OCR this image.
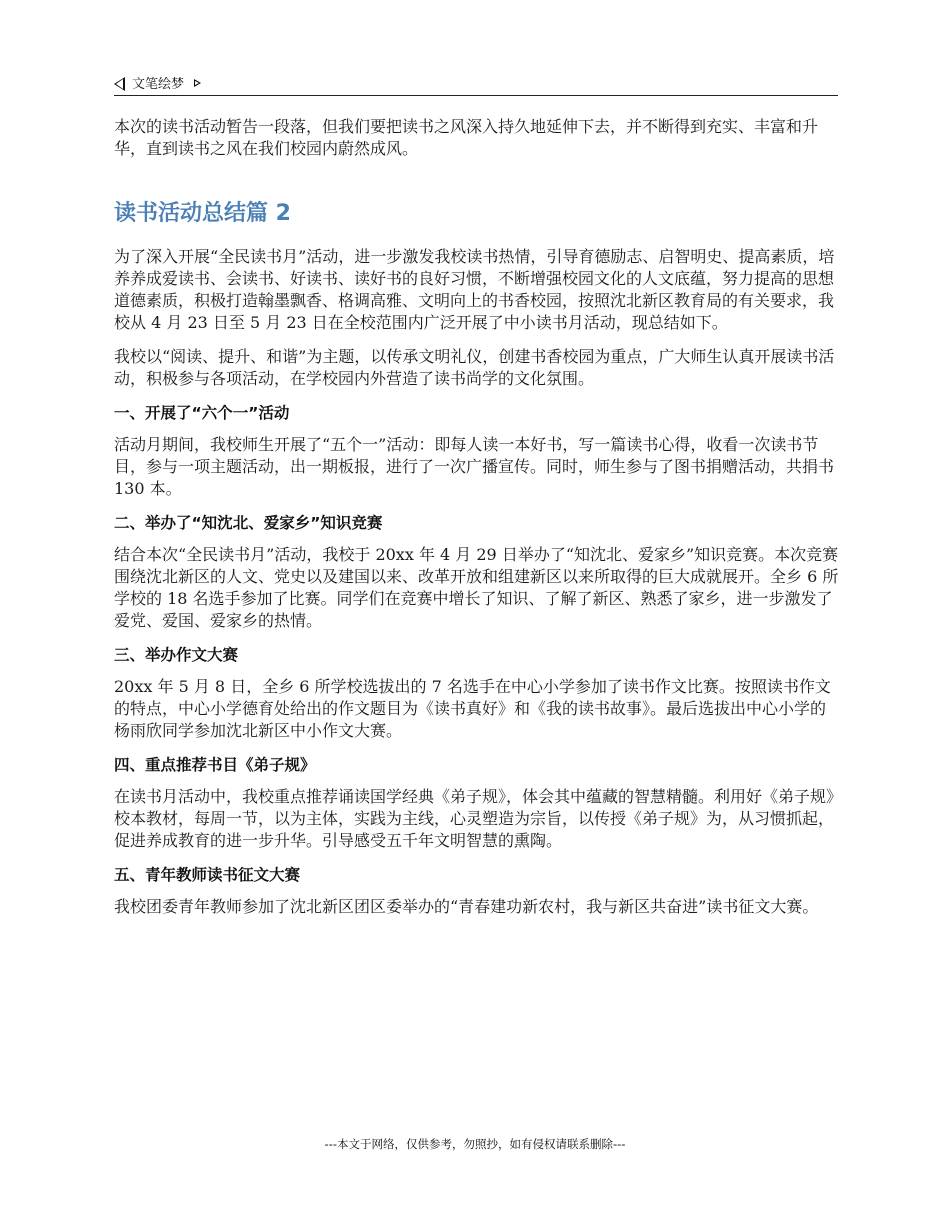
文笔绘梦

本次的读书活动暂告一段落，但我们要把读书之风深入持久地延伸下去，并不断得到充实、丰富和升华，直到读书之风在我们校园内蔚然成风。

读书活动总结篇 2

为了深入开展“全民读书月”活动，进一步激发我校读书热情，引导育德励志、启智明史、提高素质，培养养成爱读书、会读书、好读书、读好书的良好习惯，不断增强校园文化的人文底蕴，努力提高的思想道德素质，积极打造翰墨飘香、格调高雅、文明向上的书香校园，按照沈北新区教育局的有关要求，我校从 4 月 23 日至 5 月 23 日在全校范围内广泛开展了中小读书月活动，现总结如下。

我校以“阅读、提升、和谐”为主题，以传承文明礼仪，创建书香校园为重点，广大师生认真开展读书活动，积极参与各项活动，在学校园内外营造了读书尚学的文化氛围。

一、开展了“六个一”活动

活动月期间，我校师生开展了“五个一”活动：即每人读一本好书，写一篇读书心得，收看一次读书节目，参与一项主题活动，出一期板报，进行了一次广播宣传。同时，师生参与了图书捐赠活动，共捐书 130 本。

二、举办了“知沈北、爱家乡”知识竞赛

结合本次“全民读书月”活动，我校于 20xx 年 4 月 29 日举办了“知沈北、爱家乡”知识竞赛。本次竞赛围绕沈北新区的人文、党史以及建国以来、改革开放和组建新区以来所取得的巨大成就展开。全乡 6 所学校的 18 名选手参加了比赛。同学们在竞赛中增长了知识、了解了新区、熟悉了家乡，进一步激发了爱党、爱国、爱家乡的热情。

三、举办作文大赛

20xx 年 5 月 8 日，全乡 6 所学校选拔出的 7 名选手在中心小学参加了读书作文比赛。按照读书作文的特点，中心小学德育处给出的作文题目为《读书真好》和《我的读书故事》。最后选拔出中心小学的杨雨欣同学参加沈北新区中小作文大赛。

四、重点推荐书目《弟子规》

在读书月活动中，我校重点推荐诵读国学经典《弟子规》，体会其中蕴藏的智慧精髓。利用好《弟子规》校本教材，每周一节，以为主体，实践为主线，心灵塑造为宗旨，以传授《弟子规》为，从习惯抓起，促进养成教育的进一步升华。引导感受五千年文明智慧的熏陶。

五、青年教师读书征文大赛

我校团委青年教师参加了沈北新区团区委举办的“青春建功新农村，我与新区共奋进”读书征文大赛。

---本文于网络，仅供参考，勿照抄，如有侵权请联系删除---
